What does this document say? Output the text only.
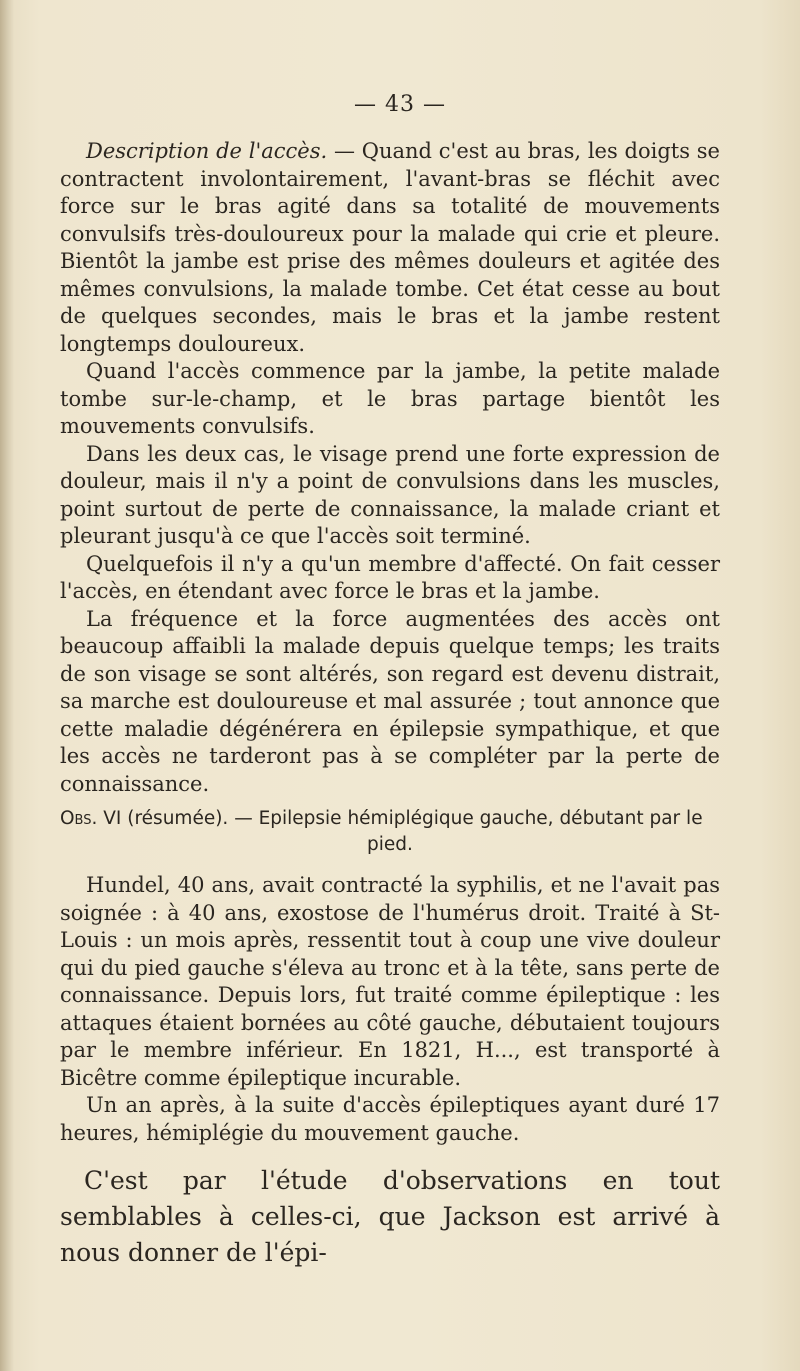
— 43 —

Description de l'accès. — Quand c'est au bras, les doigts se contractent involontairement, l'avant-bras se fléchit avec force sur le bras agité dans sa totalité de mouvements convulsifs très-douloureux pour la malade qui crie et pleure. Bientôt la jambe est prise des mêmes douleurs et agitée des mêmes convulsions, la malade tombe. Cet état cesse au bout de quelques secondes, mais le bras et la jambe restent longtemps douloureux.

Quand l'accès commence par la jambe, la petite malade tombe sur-le-champ, et le bras partage bientôt les mouvements convulsifs.

Dans les deux cas, le visage prend une forte expression de douleur, mais il n'y a point de convulsions dans les muscles, point surtout de perte de connaissance, la malade criant et pleurant jusqu'à ce que l'accès soit terminé.

Quelquefois il n'y a qu'un membre d'affecté. On fait cesser l'accès, en étendant avec force le bras et la jambe.

La fréquence et la force augmentées des accès ont beaucoup affaibli la malade depuis quelque temps; les traits de son visage se sont altérés, son regard est devenu distrait, sa marche est douloureuse et mal assurée ; tout annonce que cette maladie dégénérera en épilepsie sympathique, et que les accès ne tarderont pas à se compléter par la perte de connaissance.

Obs. VI (résumée). — Epilepsie hémiplégique gauche, débutant par le
pied.

Hundel, 40 ans, avait contracté la syphilis, et ne l'avait pas soignée : à 40 ans, exostose de l'humérus droit. Traité à St-Louis : un mois après, ressentit tout à coup une vive douleur qui du pied gauche s'éleva au tronc et à la tête, sans perte de connaissance. Depuis lors, fut traité comme épileptique : les attaques étaient bornées au côté gauche, débutaient toujours par le membre inférieur. En 1821, H..., est transporté à Bicêtre comme épileptique incurable.

Un an après, à la suite d'accès épileptiques ayant duré 17 heures, hémiplégie du mouvement gauche.

C'est par l'étude d'observations en tout semblables à celles-ci, que Jackson est arrivé à nous donner de l'épi-
